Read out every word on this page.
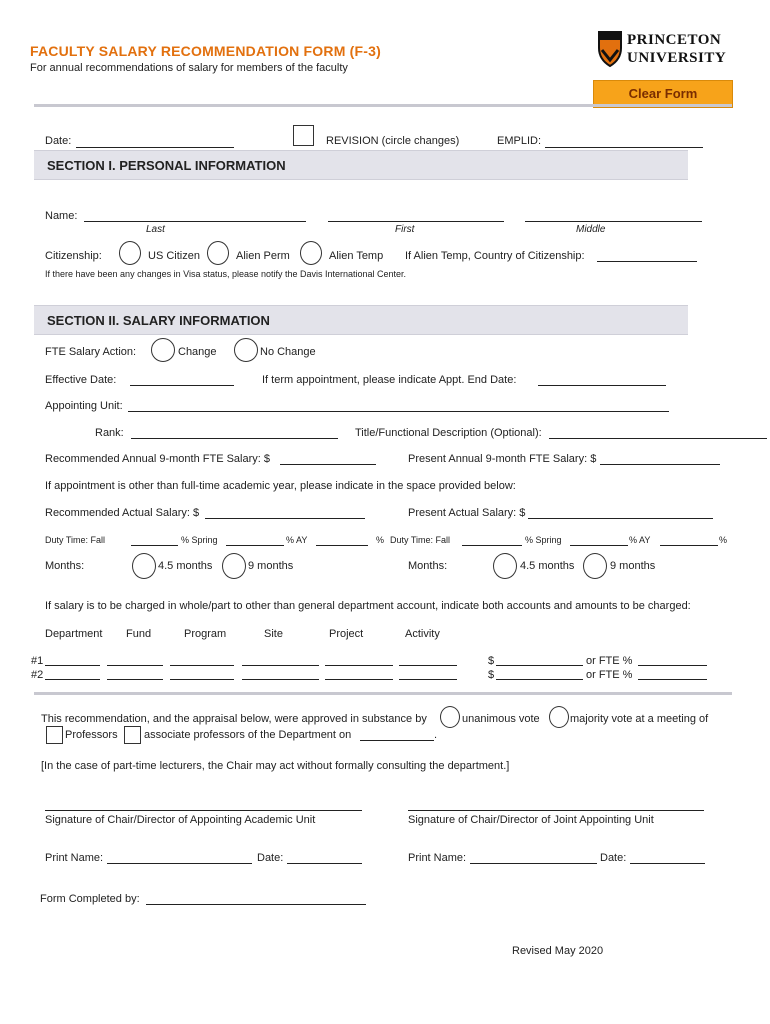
FACULTY SALARY RECOMMENDATION FORM (F-3)
For annual recommendations of salary for members of the faculty
PRINCETON
UNIVERSITY
Clear Form
Date:	REVISION (circle changes)	EMPLID:
SECTION I. PERSONAL INFORMATION
Name:
Last	First	Middle
Citizenship:	US Citizen	Alien Perm	Alien Temp If Alien Temp, Country of Citizenship:
If there have been any changes in Visa status, please notify the Davis International Center.
SECTION II. SALARY INFORMATION
FTE Salary Action:	Change	No Change
Effective Date:	If term appointment, please indicate Appt. End Date:
Appointing Unit:
Rank:	Title/Functional Description (Optional):
Recommended Annual 9-month FTE Salary: $	Present Annual 9-month FTE Salary: $
If appointment is other than full-time academic year, please indicate in the space provided below:
Recommended Actual Salary: $	Present Actual Salary: $
Duty Time: Fall	% Spring	% AY	% Duty Time: Fall	% Spring	% AY	%
Months:	4.5 months	9 months	Months:	4.5 months	9 months
If salary is to be charged in whole/part to other than general department account, indicate both accounts and amounts to be charged:
Department Fund	Program	Site	Project	Activity
#1	$	or FTE %
#2	$	or FTE %
This recommendation, and the appraisal below, were approved in substance by	unanimous vote	majority vote at a meeting of
Professors associate professors of the Department on	.
[In the case of part-time lecturers, the Chair may act without formally consulting the department.]
Signature of Chair/Director of Appointing Academic Unit	Signature of Chair/Director of Joint Appointing Unit
Print Name:	Date:	Print Name:	Date:
Form Completed by:
Revised May 2020
